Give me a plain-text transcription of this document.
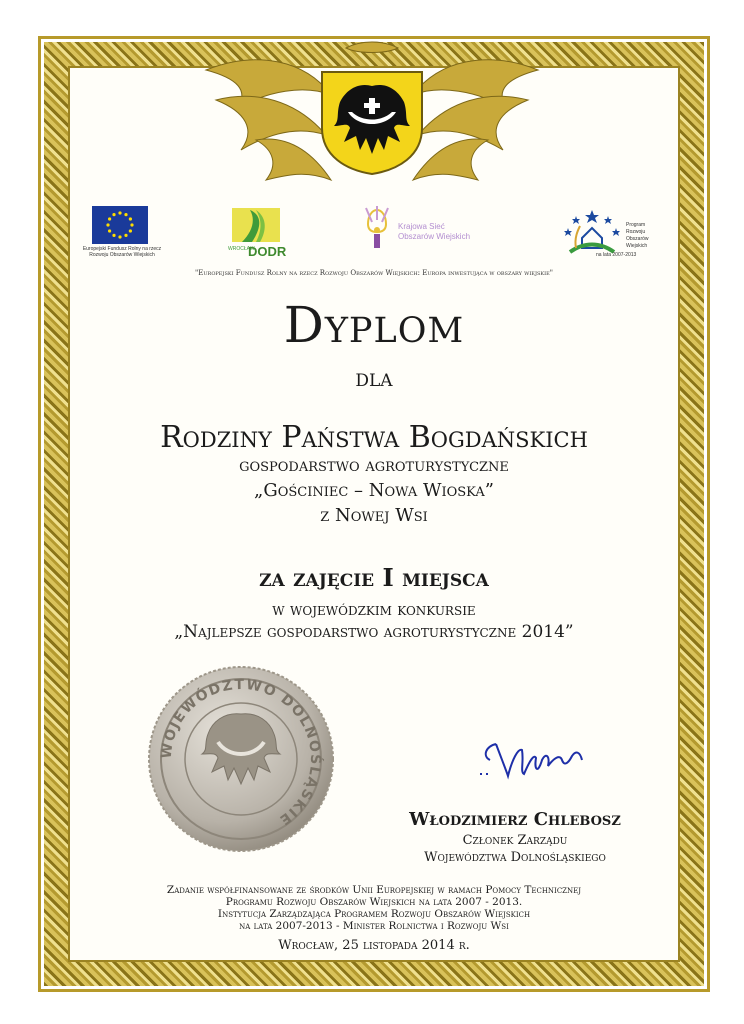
Europejski Fundusz Rolny na rzecz Rozwoju Obszarów Wiejskich
WROCŁAW
DODR
Krajowa Sieć
Obszarów Wiejskich
Program
Rozwoju
Obszarów
Wiejskich
na lata 2007-2013
"Europejski Fundusz Rolny na rzecz Rozwoju Obszarów Wiejskich: Europa inwestująca w obszary wiejskie"
Dyplom
dla
Rodziny Państwa Bogdańskich
gospodarstwo agroturystyczne
„Gościniec – Nowa Wioska”
z Nowej Wsi
za zajęcie I miejsca
w wojewódzkim konkursie
„Najlepsze gospodarstwo agroturystyczne 2014”
WOJEWÓDZTWO DOLNOŚLĄSKIE	Włodzimierz Chlebosz
Członek Zarządu
Województwa Dolnośląskiego
Zadanie współfinansowane ze środków Unii Europejskiej w ramach Pomocy Technicznej
Programu Rozwoju Obszarów Wiejskich na lata 2007 - 2013.
Instytucja Zarządzająca Programem Rozwoju Obszarów Wiejskich
na lata 2007-2013 - Minister Rolnictwa i Rozwoju Wsi
Wrocław, 25 listopada 2014 r.
